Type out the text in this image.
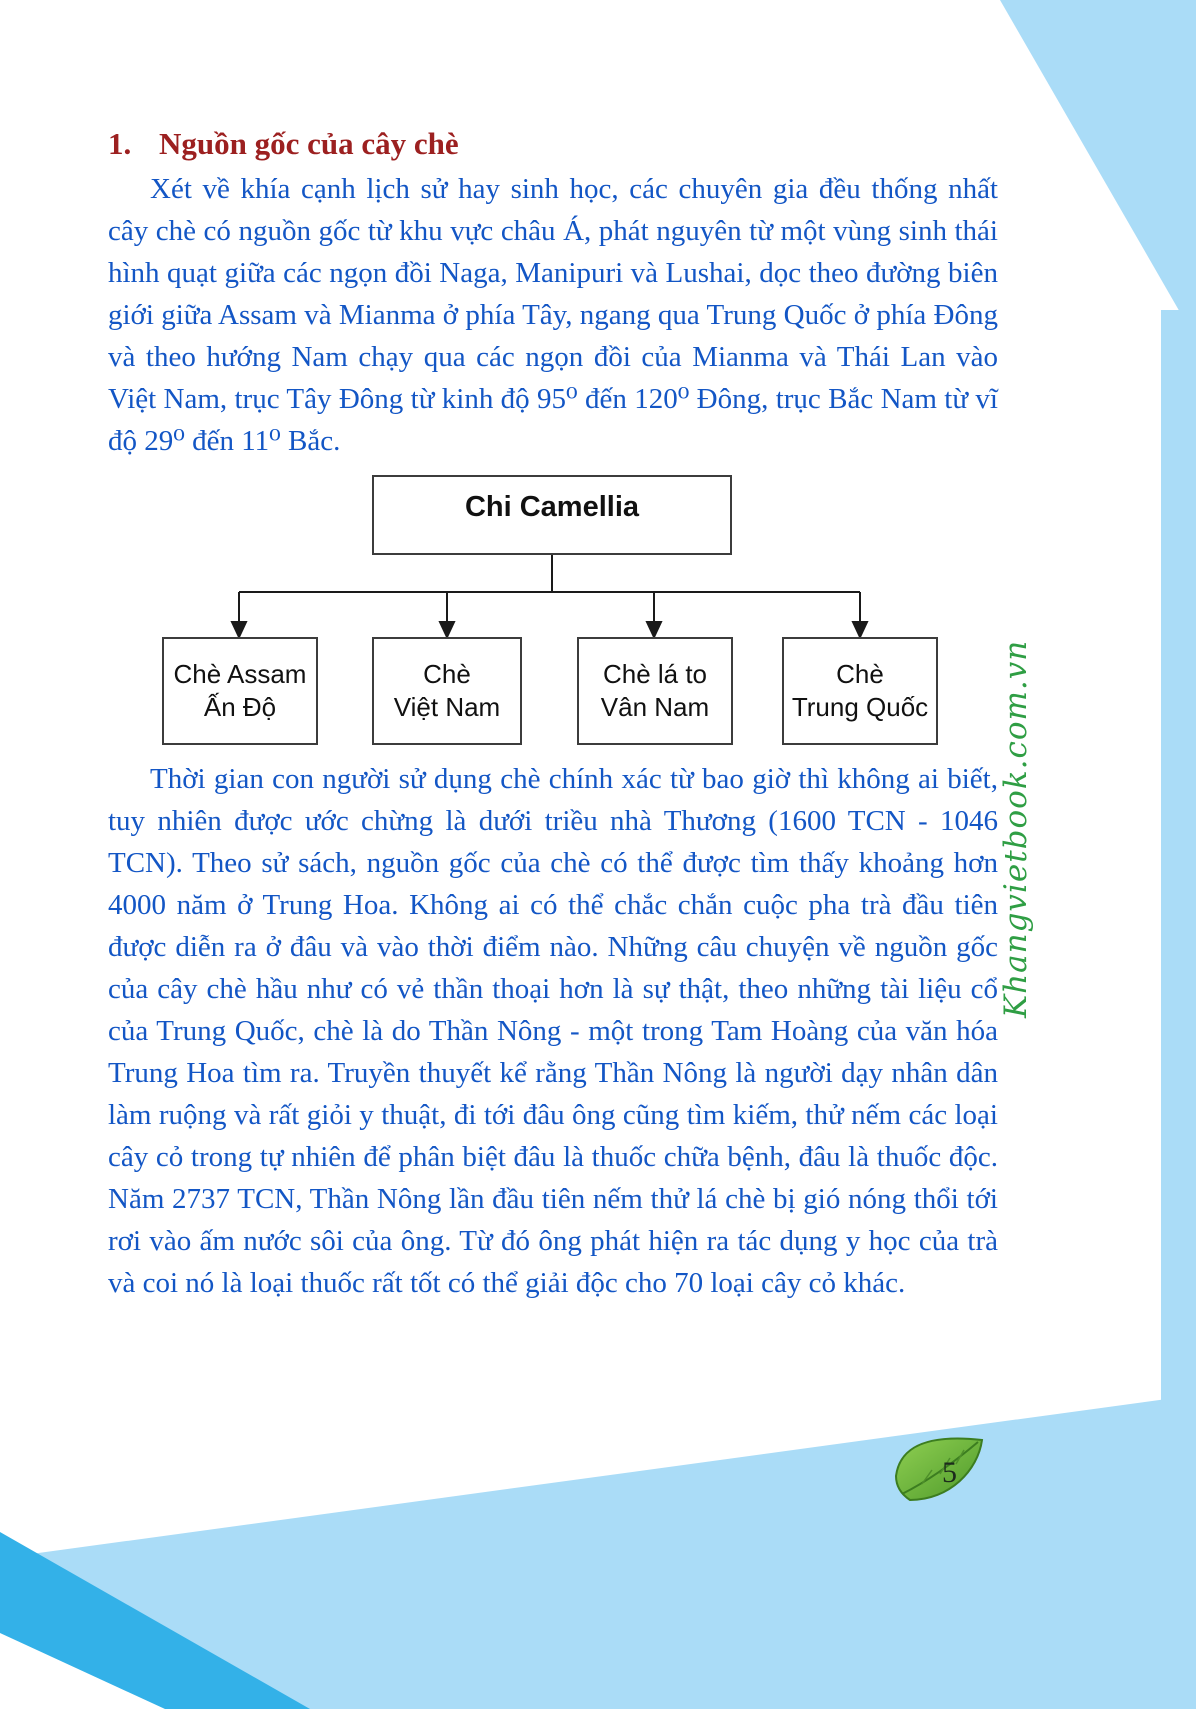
1. Nguồn gốc của cây chè

Xét về khía cạnh lịch sử hay sinh học, các chuyên gia đều thống nhất cây chè có nguồn gốc từ khu vực châu Á, phát nguyên từ một vùng sinh thái hình quạt giữa các ngọn đồi Naga, Manipuri và Lushai, dọc theo đường biên giới giữa Assam và Mianma ở phía Tây, ngang qua Trung Quốc ở phía Đông và theo hướng Nam chạy qua các ngọn đồi của Mianma và Thái Lan vào Việt Nam, trục Tây Đông từ kinh độ 95⁰ đến 120⁰ Đông, trục Bắc Nam từ vĩ độ 29⁰ đến 11⁰ Bắc.

Chi Camellia
Chè Assam
Ấn Độ
Chè
Việt Nam
Chè lá to
Vân Nam
Chè
Trung Quốc

Thời gian con người sử dụng chè chính xác từ bao giờ thì không ai biết, tuy nhiên được ước chừng là dưới triều nhà Thương (1600 TCN - 1046 TCN). Theo sử sách, nguồn gốc của chè có thể được tìm thấy khoảng hơn 4000 năm ở Trung Hoa. Không ai có thể chắc chắn cuộc pha trà đầu tiên được diễn ra ở đâu và vào thời điểm nào. Những câu chuyện về nguồn gốc của cây chè hầu như có vẻ thần thoại hơn là sự thật, theo những tài liệu cổ của Trung Quốc, chè là do Thần Nông - một trong Tam Hoàng của văn hóa Trung Hoa tìm ra. Truyền thuyết kể rằng Thần Nông là người dạy nhân dân làm ruộng và rất giỏi y thuật, đi tới đâu ông cũng tìm kiếm, thử nếm các loại cây cỏ trong tự nhiên để phân biệt đâu là thuốc chữa bệnh, đâu là thuốc độc. Năm 2737 TCN, Thần Nông lần đầu tiên nếm thử lá chè bị gió nóng thổi tới rơi vào ấm nước sôi của ông. Từ đó ông phát hiện ra tác dụng y học của trà và coi nó là loại thuốc rất tốt có thể giải độc cho 70 loại cây cỏ khác.

Khangvietbook.com.vn
5
